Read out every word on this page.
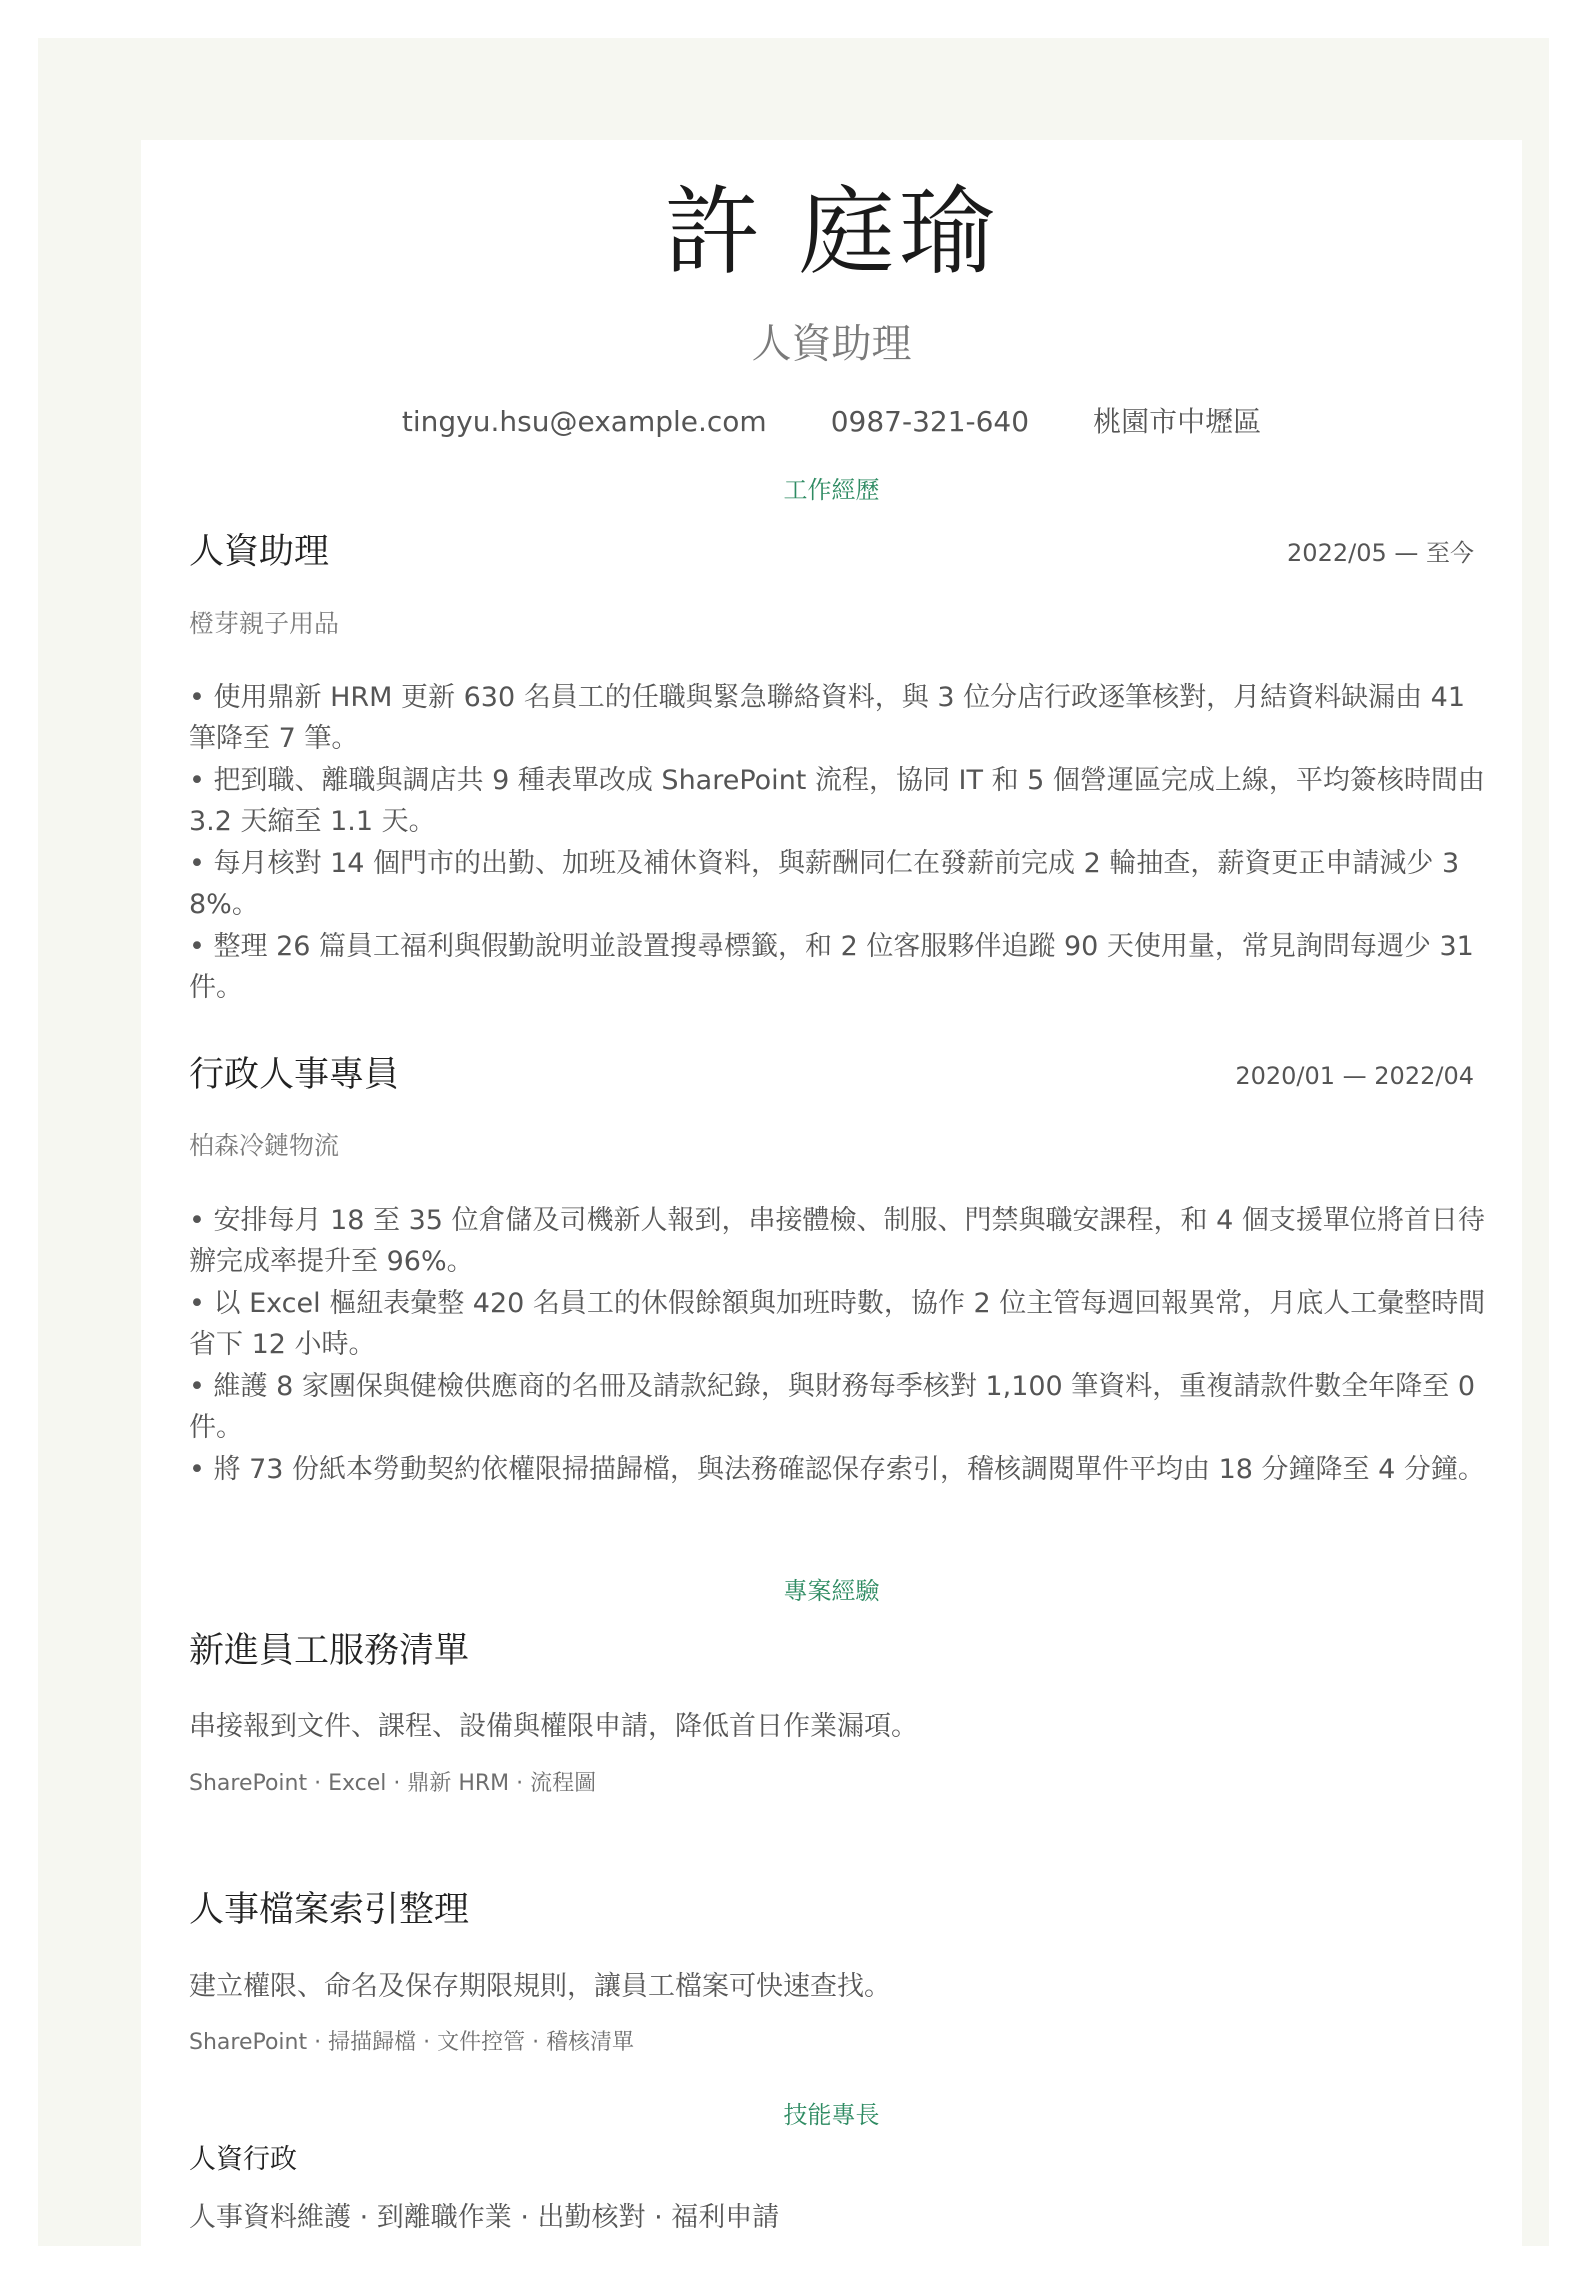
許 庭瑜
人資助理
tingyu.hsu@example.com 0987-321-640 桃園市中壢區
工作經歷
人資助理	2022/05 — 至今
橙芽親子用品
• 使用鼎新 HRM 更新 630 名員工的任職與緊急聯絡資料，與 3 位分店行政逐筆核對，月結資料缺漏由 41 筆降至 7 筆。
• 把到職、離職與調店共 9 種表單改成 SharePoint 流程，協同 IT 和 5 個營運區完成上線，平均簽核時間由 3.2 天縮至 1.1 天。
• 每月核對 14 個門市的出勤、加班及補休資料，與薪酬同仁在發薪前完成 2 輪抽查，薪資更正申請減少 38%。
• 整理 26 篇員工福利與假勤說明並設置搜尋標籤，和 2 位客服夥伴追蹤 90 天使用量，常見詢問每週少 31 件。
行政人事專員	2020/01 — 2022/04
柏森冷鏈物流
• 安排每月 18 至 35 位倉儲及司機新人報到，串接體檢、制服、門禁與職安課程，和 4 個支援單位將首日待辦完成率提升至 96%。
• 以 Excel 樞紐表彙整 420 名員工的休假餘額與加班時數，協作 2 位主管每週回報異常，月底人工彙整時間省下 12 小時。
• 維護 8 家團保與健檢供應商的名冊及請款紀錄，與財務每季核對 1,100 筆資料，重複請款件數全年降至 0 件。
• 將 73 份紙本勞動契約依權限掃描歸檔，與法務確認保存索引，稽核調閱單件平均由 18 分鐘降至 4 分鐘。
專案經驗
新進員工服務清單
串接報到文件、課程、設備與權限申請，降低首日作業漏項。
SharePoint · Excel · 鼎新 HRM · 流程圖
人事檔案索引整理
建立權限、命名及保存期限規則，讓員工檔案可快速查找。
SharePoint · 掃描歸檔 · 文件控管 · 稽核清單
技能專長
人資行政
人事資料維護 · 到離職作業 · 出勤核對 · 福利申請
